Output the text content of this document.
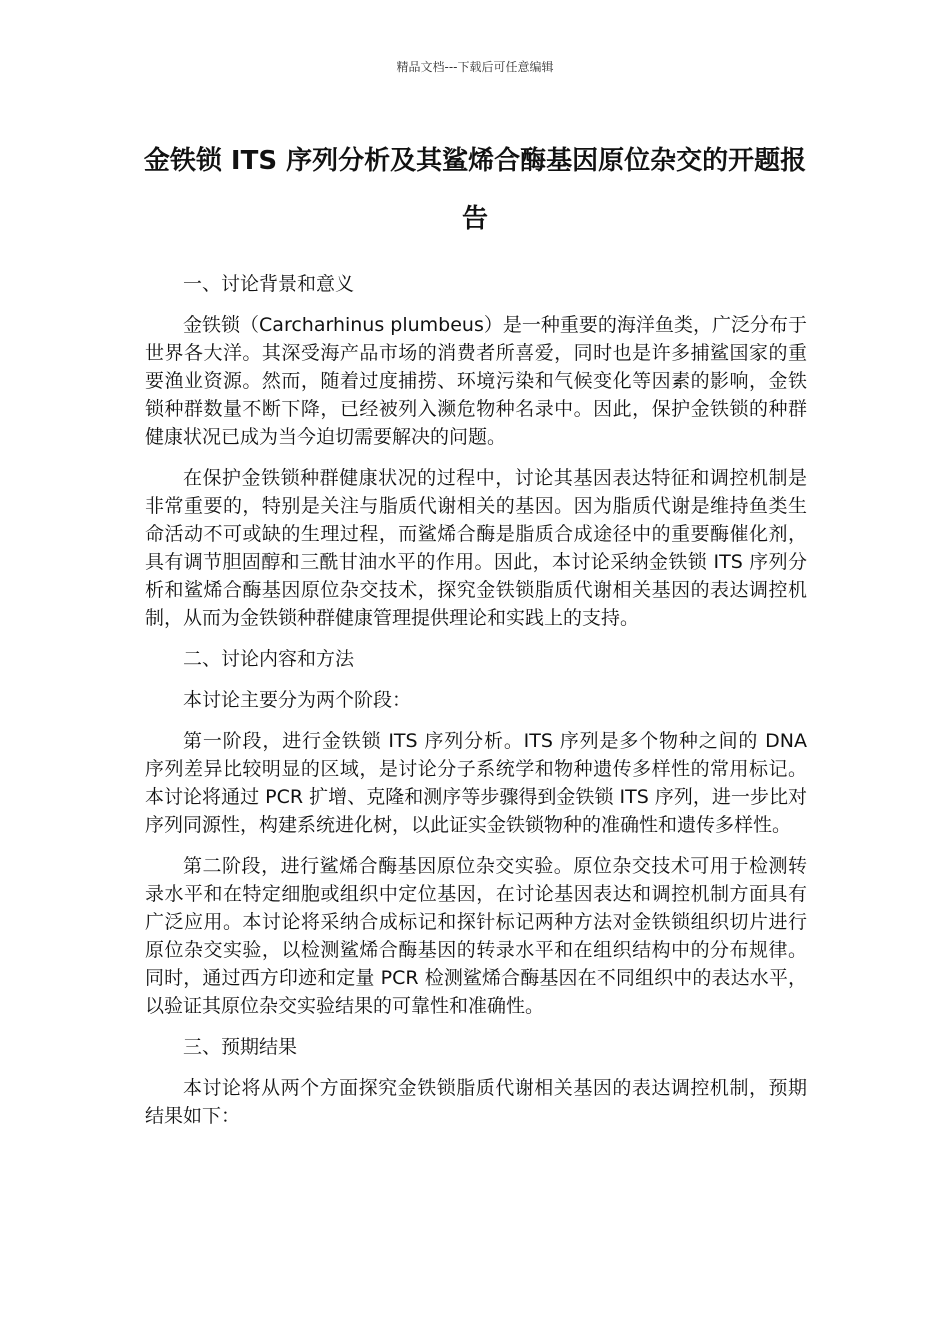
精品文档---下载后可任意编辑
金铁锁 ITS 序列分析及其鲨烯合酶基因原位杂交的开题报告

一、讨论背景和意义

金铁锁（Carcharhinus plumbeus）是一种重要的海洋鱼类，广泛分布于世界各大洋。其深受海产品市场的消费者所喜爱，同时也是许多捕鲨国家的重要渔业资源。然而，随着过度捕捞、环境污染和气候变化等因素的影响，金铁锁种群数量不断下降，已经被列入濒危物种名录中。因此，保护金铁锁的种群健康状况已成为当今迫切需要解决的问题。

在保护金铁锁种群健康状况的过程中，讨论其基因表达特征和调控机制是非常重要的，特别是关注与脂质代谢相关的基因。因为脂质代谢是维持鱼类生命活动不可或缺的生理过程，而鲨烯合酶是脂质合成途径中的重要酶催化剂，具有调节胆固醇和三酰甘油水平的作用。因此，本讨论采纳金铁锁 ITS 序列分析和鲨烯合酶基因原位杂交技术，探究金铁锁脂质代谢相关基因的表达调控机制，从而为金铁锁种群健康管理提供理论和实践上的支持。

二、讨论内容和方法

本讨论主要分为两个阶段：

第一阶段，进行金铁锁 ITS 序列分析。ITS 序列是多个物种之间的 DNA 序列差异比较明显的区域，是讨论分子系统学和物种遗传多样性的常用标记。本讨论将通过 PCR 扩增、克隆和测序等步骤得到金铁锁 ITS 序列，进一步比对序列同源性，构建系统进化树，以此证实金铁锁物种的准确性和遗传多样性。

第二阶段，进行鲨烯合酶基因原位杂交实验。原位杂交技术可用于检测转录水平和在特定细胞或组织中定位基因，在讨论基因表达和调控机制方面具有广泛应用。本讨论将采纳合成标记和探针标记两种方法对金铁锁组织切片进行原位杂交实验，以检测鲨烯合酶基因的转录水平和在组织结构中的分布规律。同时，通过西方印迹和定量 PCR 检测鲨烯合酶基因在不同组织中的表达水平，以验证其原位杂交实验结果的可靠性和准确性。

三、预期结果

本讨论将从两个方面探究金铁锁脂质代谢相关基因的表达调控机制，预期结果如下：
